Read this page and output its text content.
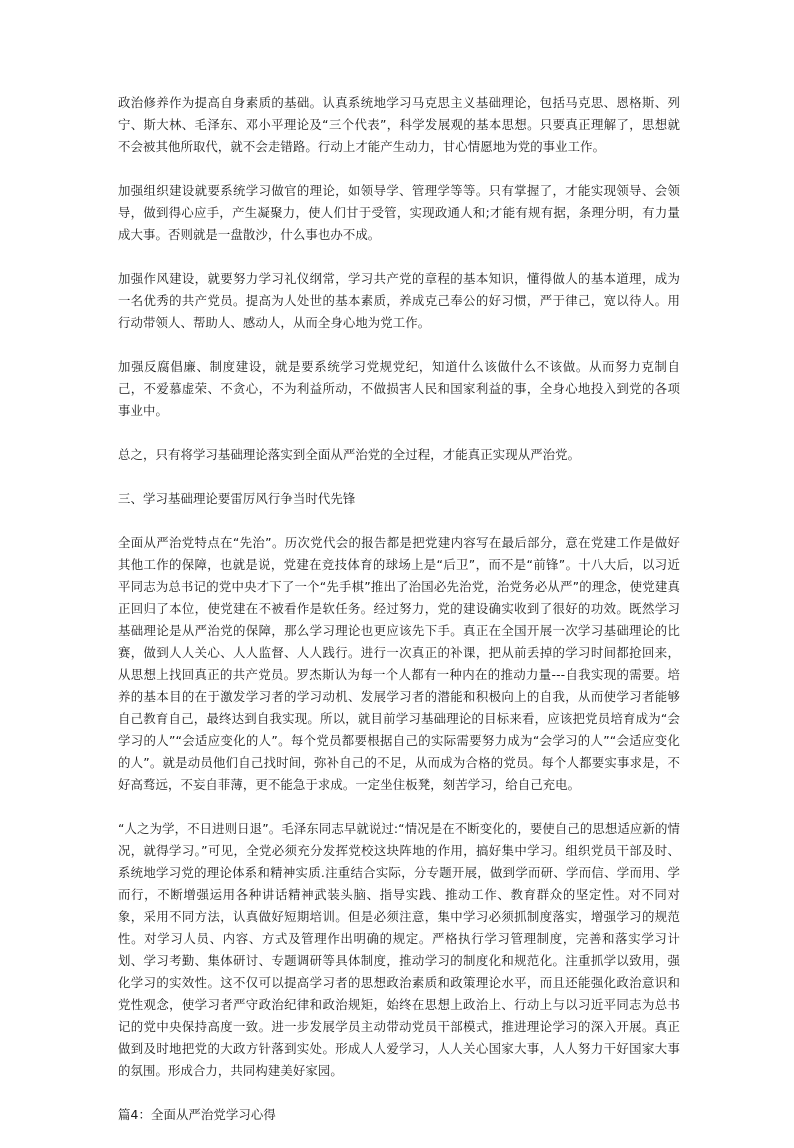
政治修养作为提高自身素质的基础。认真系统地学习马克思主义基础理论，包括马克思、恩格斯、列宁、斯大林、毛泽东、邓小平理论及“三个代表”，科学发展观的基本思想。只要真正理解了，思想就不会被其他所取代，就不会走错路。行动上才能产生动力，甘心情愿地为党的事业工作。

加强组织建设就要系统学习做官的理论，如领导学、管理学等等。只有掌握了，才能实现领导、会领导，做到得心应手，产生凝聚力，使人们甘于受管，实现政通人和;才能有规有据，条理分明，有力量成大事。否则就是一盘散沙，什么事也办不成。

加强作风建设，就要努力学习礼仪纲常，学习共产党的章程的基本知识，懂得做人的基本道理，成为一名优秀的共产党员。提高为人处世的基本素质，养成克己奉公的好习惯，严于律己，宽以待人。用行动带领人、帮助人、感动人，从而全身心地为党工作。

加强反腐倡廉、制度建设，就是要系统学习党规党纪，知道什么该做什么不该做。从而努力克制自己，不爱慕虚荣、不贪心，不为利益所动，不做损害人民和国家利益的事，全身心地投入到党的各项事业中。

总之，只有将学习基础理论落实到全面从严治党的全过程，才能真正实现从严治党。

三、学习基础理论要雷厉风行争当时代先锋

全面从严治党特点在“先治”。历次党代会的报告都是把党建内容写在最后部分，意在党建工作是做好其他工作的保障，也就是说，党建在竞技体育的球场上是“后卫”，而不是“前锋”。十八大后，以习近平同志为总书记的党中央才下了一个“先手棋”推出了治国必先治党，治党务必从严”的理念，使党建真正回归了本位，使党建在不被看作是软任务。经过努力，党的建设确实收到了很好的功效。既然学习基础理论是从严治党的保障，那么学习理论也更应该先下手。真正在全国开展一次学习基础理论的比赛，做到人人关心、人人监督、人人践行。进行一次真正的补课，把从前丢掉的学习时间都抢回来，从思想上找回真正的共产党员。罗杰斯认为每一个人都有一种内在的推动力量---自我实现的需要。培养的基本目的在于激发学习者的学习动机、发展学习者的潜能和积极向上的自我，从而使学习者能够自己教育自己，最终达到自我实现。所以，就目前学习基础理论的目标来看，应该把党员培育成为“会学习的人”“会适应变化的人”。每个党员都要根据自己的实际需要努力成为“会学习的人”“会适应变化的人”。就是动员他们自己找时间，弥补自己的不足，从而成为合格的党员。每个人都要实事求是，不好高骛远，不妄自菲薄，更不能急于求成。一定坐住板凳，刻苦学习，给自己充电。

“人之为学，不日进则日退”。毛泽东同志早就说过:“情况是在不断变化的，要使自己的思想适应新的情况，就得学习。”可见，全党必须充分发挥党校这块阵地的作用，搞好集中学习。组织党员干部及时、系统地学习党的理论体系和精神实质.注重结合实际，分专题开展，做到学而研、学而信、学而用、学而行，不断增强运用各种讲话精神武装头脑、指导实践、推动工作、教育群众的坚定性。对不同对象，采用不同方法，认真做好短期培训。但是必须注意，集中学习必须抓制度落实，增强学习的规范性。对学习人员、内容、方式及管理作出明确的规定。严格执行学习管理制度，完善和落实学习计划、学习考勤、集体研讨、专题调研等具体制度，推动学习的制度化和规范化。注重抓学以致用，强化学习的实效性。这不仅可以提高学习者的思想政治素质和政策理论水平，而且还能强化政治意识和党性观念，使学习者严守政治纪律和政治规矩，始终在思想上政治上、行动上与以习近平同志为总书记的党中央保持高度一致。进一步发展学员主动带动党员干部模式，推进理论学习的深入开展。真正做到及时地把党的大政方针落到实处。形成人人爱学习，人人关心国家大事，人人努力干好国家大事的氛围。形成合力，共同构建美好家园。

篇4：全面从严治党学习心得
